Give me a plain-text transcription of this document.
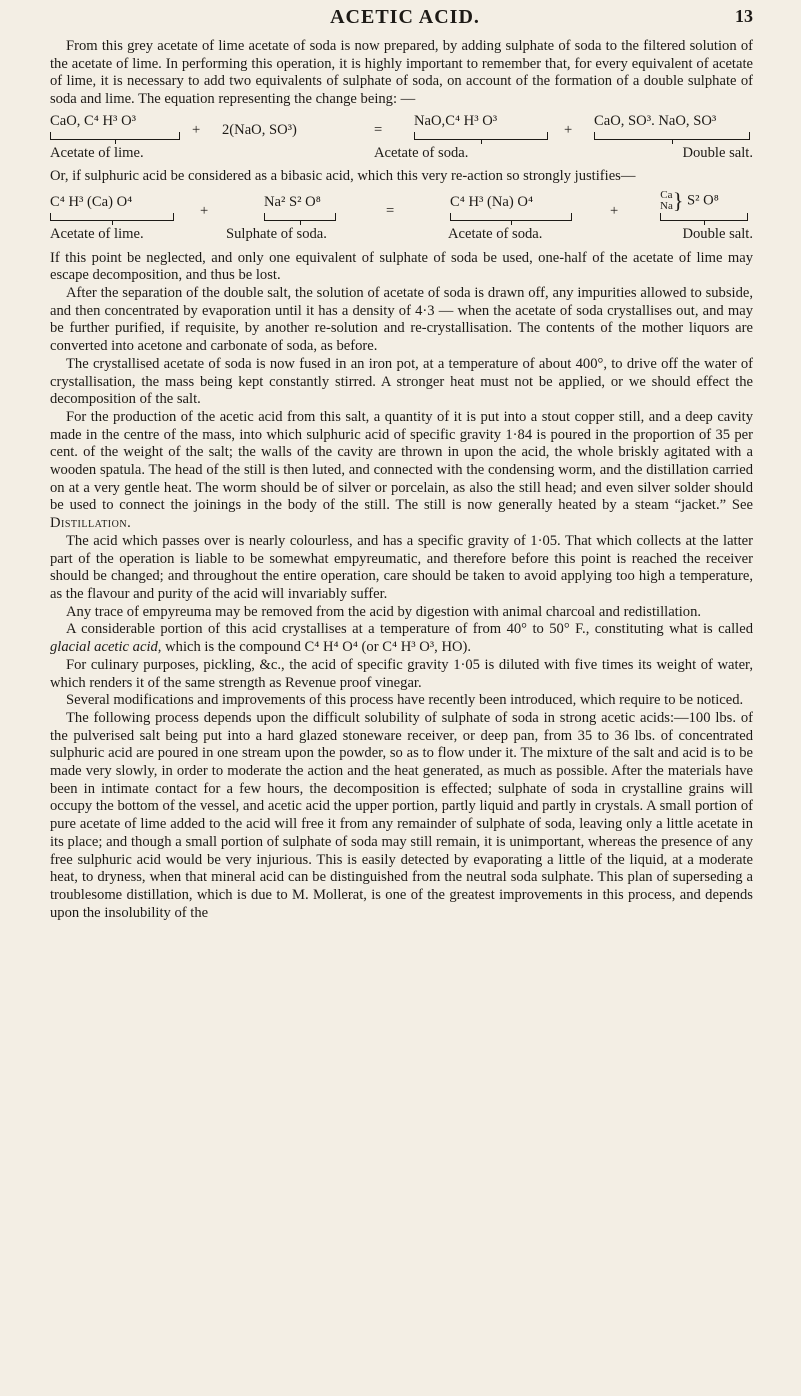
ACETIC ACID.	13

From this grey acetate of lime acetate of soda is now prepared, by adding sulphate of soda to the filtered solution of the acetate of lime. In performing this operation, it is highly important to remember that, for every equivalent of acetate of lime, it is necessary to add two equivalents of sulphate of soda, on account of the formation of a double sulphate of soda and lime. The equation representing the change being: —

CaO, C⁴ H³ O³
+	2(NaO, SO³)	=
NaO,C⁴ H³ O³
+
CaO, SO³. NaO, SO³
Acetate of lime.	Acetate of soda.	Double salt.

Or, if sulphuric acid be considered as a bibasic acid, which this very re-action so strongly justifies—

C⁴ H³ (Ca) O⁴
+
Na² S² O⁸
=
C⁴ H³ (Na) O⁴
+
Ca
Na} S² O⁸
Acetate of lime.	Sulphate of soda.	Acetate of soda.	Double salt.

If this point be neglected, and only one equivalent of sulphate of soda be used, one-half of the acetate of lime may escape decomposition, and thus be lost.

After the separation of the double salt, the solution of acetate of soda is drawn off, any impurities allowed to subside, and then concentrated by evaporation until it has a density of 4·3 — when the acetate of soda crystallises out, and may be further purified, if requisite, by another re-solution and re-crystallisation. The contents of the mother liquors are converted into acetone and carbonate of soda, as before.

The crystallised acetate of soda is now fused in an iron pot, at a temperature of about 400°, to drive off the water of crystallisation, the mass being kept constantly stirred. A stronger heat must not be applied, or we should effect the decomposition of the salt.

For the production of the acetic acid from this salt, a quantity of it is put into a stout copper still, and a deep cavity made in the centre of the mass, into which sulphuric acid of specific gravity 1·84 is poured in the proportion of 35 per cent. of the weight of the salt; the walls of the cavity are thrown in upon the acid, the whole briskly agitated with a wooden spatula. The head of the still is then luted, and connected with the condensing worm, and the distillation carried on at a very gentle heat. The worm should be of silver or porcelain, as also the still head; and even silver solder should be used to connect the joinings in the body of the still. The still is now generally heated by a steam “jacket.” See Distillation.

The acid which passes over is nearly colourless, and has a specific gravity of 1·05. That which collects at the latter part of the operation is liable to be somewhat empyreumatic, and therefore before this point is reached the receiver should be changed; and throughout the entire operation, care should be taken to avoid applying too high a temperature, as the flavour and purity of the acid will invariably suffer.

Any trace of empyreuma may be removed from the acid by digestion with animal charcoal and redistillation.

A considerable portion of this acid crystallises at a temperature of from 40° to 50° F., constituting what is called glacial acetic acid, which is the compound C⁴ H⁴ O⁴ (or C⁴ H³ O³, HO).

For culinary purposes, pickling, &c., the acid of specific gravity 1·05 is diluted with five times its weight of water, which renders it of the same strength as Revenue proof vinegar.

Several modifications and improvements of this process have recently been introduced, which require to be noticed.

The following process depends upon the difficult solubility of sulphate of soda in strong acetic acids:—100 lbs. of the pulverised salt being put into a hard glazed stoneware receiver, or deep pan, from 35 to 36 lbs. of concentrated sulphuric acid are poured in one stream upon the powder, so as to flow under it. The mixture of the salt and acid is to be made very slowly, in order to moderate the action and the heat generated, as much as possible. After the materials have been in intimate contact for a few hours, the decomposition is effected; sulphate of soda in crystalline grains will occupy the bottom of the vessel, and acetic acid the upper portion, partly liquid and partly in crystals. A small portion of pure acetate of lime added to the acid will free it from any remainder of sulphate of soda, leaving only a little acetate in its place; and though a small portion of sulphate of soda may still remain, it is unimportant, whereas the presence of any free sulphuric acid would be very injurious. This is easily detected by evaporating a little of the liquid, at a moderate heat, to dryness, when that mineral acid can be distinguished from the neutral soda sulphate. This plan of superseding a troublesome distillation, which is due to M. Mollerat, is one of the greatest improvements in this process, and depends upon the insolubility of the
